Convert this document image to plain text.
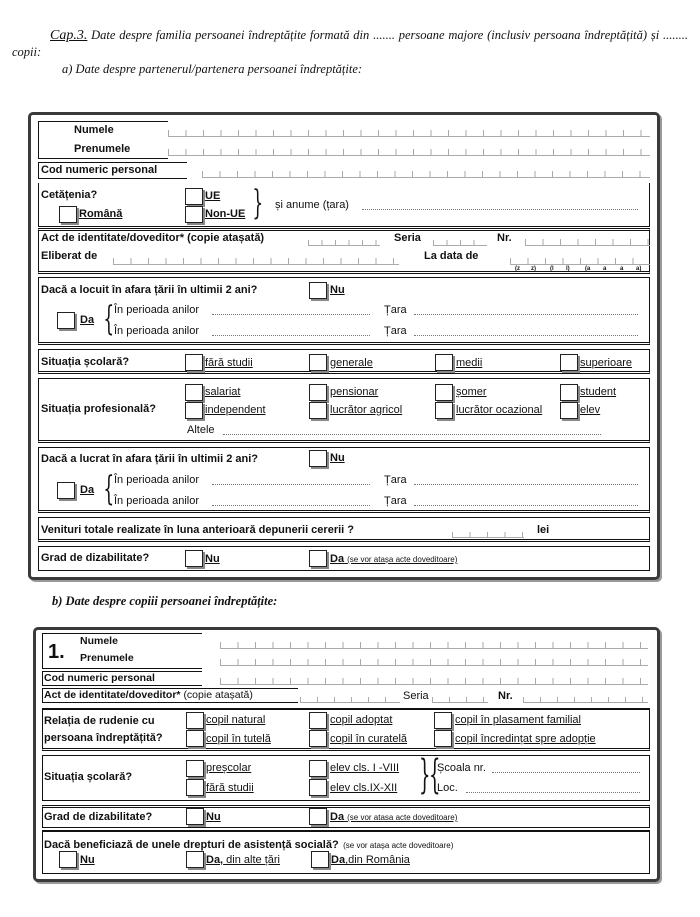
Cap.3. Date despre familia persoanei îndreptățite formată din ....... persoane majore (inclusiv persoana îndreptățită) și ........ copii:
a) Date despre partenerul/partenera persoanei îndreptățite:
Numele
Prenumele
Cod numeric personal
Cetățenia?	UE
Non-UE
Română	} și anume (țara)
Act de identitate/doveditor* (copie atașată)	Seria	Nr.
Eliberat de	La data de
(z z) (l l)	(a a a a)
Dacă a locuit în afara țării în ultimii 2 ani?	Nu
Da { În perioada anilor	Țara
În perioada anilor	Țara
Situația școlară?	fără studii	generale	medii	superioare
Situația profesională?
salariat	pensionar	șomer	student
independent	lucrător agricol	lucrător ocazional	elev
Altele
Dacă a lucrat în afara țării în ultimii 2 ani?	Nu
Da { În perioada anilor	Țara
În perioada anilor	Țara
Venituri totale realizate în luna anterioară depunerii cererii ?	lei
Grad de dizabilitate?	Nu	Da (se vor atașa acte doveditoare)
b) Date despre copiii persoanei îndreptățite:
1. Numele
Prenumele
Cod numeric personal
Act de identitate/doveditor* (copie atașată)	Seria	Nr.
Relația de rudenie cu
persoana îndreptățită?
copil natural	copil adoptat	copil în plasament familial
copil în tutelă	copil în curatelă	copil încredințat spre adopție
Situația școlară?
preșcolar	elev cls. I -VIII
fără studii	elev cls.IX-XII }
{
Școala nr.
Loc.
Grad de dizabilitate?	Nu	Da (se vor atasa acte doveditoare)
Dacă beneficiază de unele drepturi de asistență socială? (se vor atașa acte doveditoare)
Nu	Da, din alte țări	Da,din România
